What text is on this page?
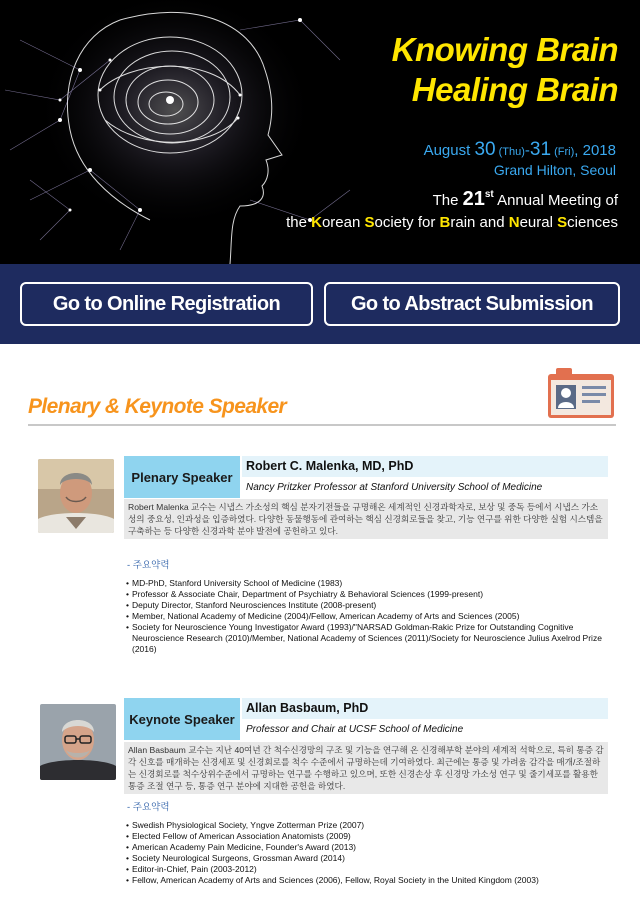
Knowing Brain
Healing Brain
August 30 (Thu)-31 (Fri), 2018
Grand Hilton, Seoul
The 21st Annual Meeting of
the Korean Society for Brain and Neural Sciences
Go to Online Registration	Go to Abstract Submission
Plenary & Keynote Speaker
Plenary Speaker
Robert C. Malenka, MD, PhD
Nancy Pritzker Professor at Stanford University School of Medicine
Robert Malenka 교수는 시냅스 가소성의 핵심 분자기전들을 규명해온 세계적인 신경과학자로, 보상 및 중독 등에서 시냅스 가소성의 중요성, 인과성을 입증하였다. 다양한 동물행동에 관여하는 핵심 신경회로들을 찾고, 기능 연구를 위한 다양한 실험 시스템을 구축하는 등 다양한 신경과학 분야 발전에 공헌하고 있다.
- 주요약력
• MD-PhD, Stanford University School of Medicine (1983)
• Professor & Associate Chair, Department of Psychiatry & Behavioral Sciences (1999-present)
• Deputy Director, Stanford Neurosciences Institute (2008-present)
• Member, National Academy of Medicine (2004)/Fellow, American Academy of Arts and Sciences (2005)
• Society for Neuroscience Young Investigator Award (1993)/"NARSAD Goldman-Rakic Prize for Outstanding Cognitive Neuroscience Research (2010)/Member, National Academy of Sciences (2011)/Society for Neuroscience Julius Axelrod Prize (2016)
Keynote Speaker
Allan Basbaum, PhD
Professor and Chair at UCSF School of Medicine
Allan Basbaum 교수는 지난 40여년 간 척수신경망의 구조 및 기능을 연구해 온 신경해부학 분야의 세계적 석학으로, 특히 통증 감각 신호를 매개하는 신경세포 및 신경회로를 척수 수준에서 규명하는데 기여하였다. 최근에는 통증 및 가려움 감각을 매개/조절하는 신경회로를 척수상위수준에서 규명하는 연구를 수행하고 있으며, 또한 신경손상 후 신경망 가소성 연구 및 줄기세포를 활용한 통증 조절 연구 등, 통증 연구 분야에 지대한 공헌을 하였다.
- 주요약력
• Swedish Physiological Society, Yngve Zotterman Prize (2007)
• Elected Fellow of American Association Anatomists (2009)
• American Academy Pain Medicine, Founder's Award (2013)
• Society Neurological Surgeons, Grossman Award (2014)
• Editor-in-Chief, Pain (2003-2012)
• Fellow, American Academy of Arts and Sciences (2006), Fellow, Royal Society in the United Kingdom (2003)
